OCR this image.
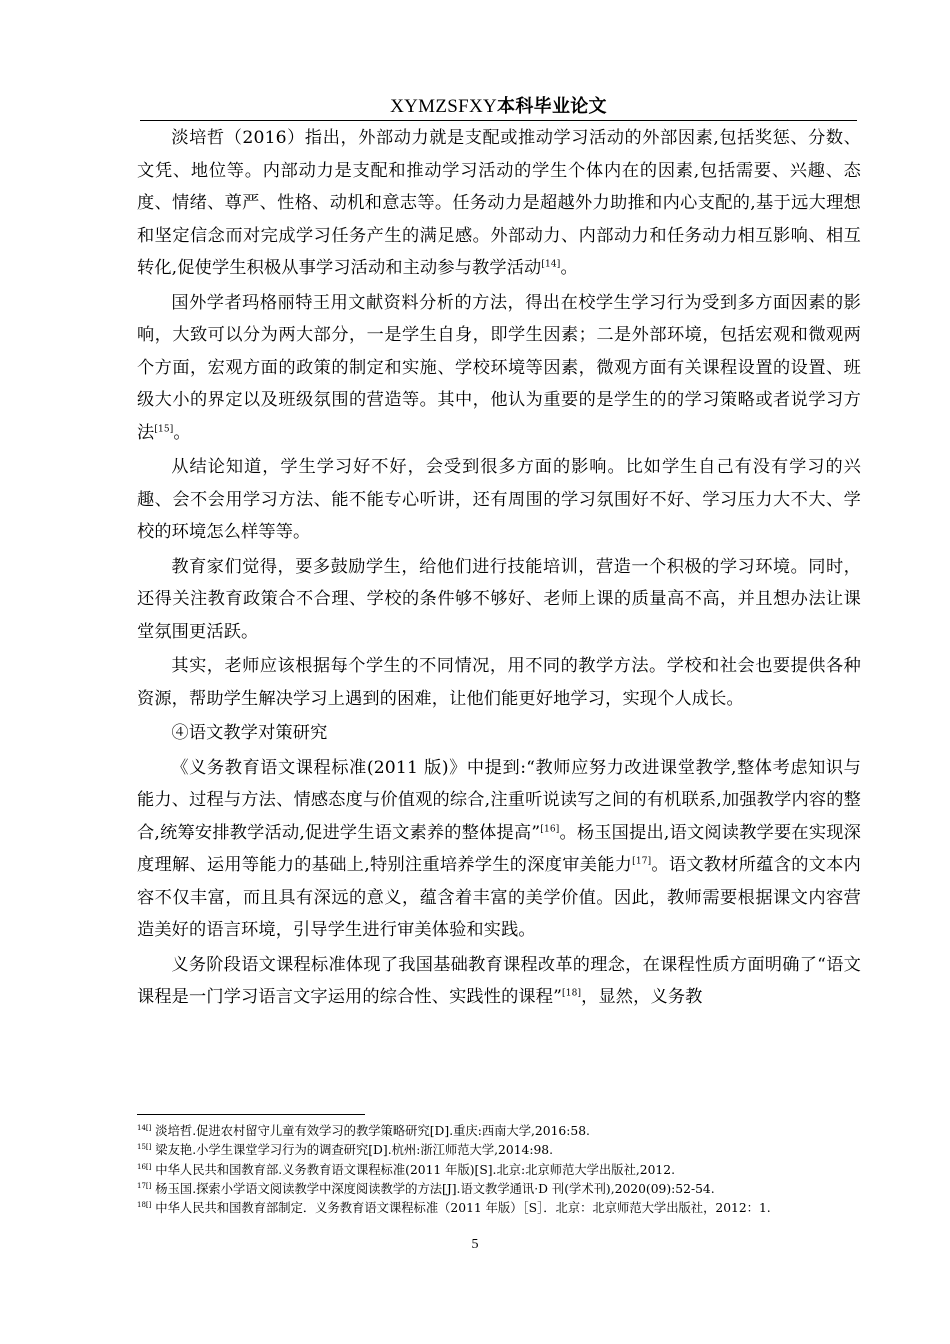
XYMZSFXY本科毕业论文

淡培哲（2016）指出，外部动力就是支配或推动学习活动的外部因素,包括奖惩、分数、文凭、地位等。内部动力是支配和推动学习活动的学生个体内在的因素,包括需要、兴趣、态度、情绪、尊严、性格、动机和意志等。任务动力是超越外力助推和内心支配的,基于远大理想和坚定信念而对完成学习任务产生的满足感。外部动力、内部动力和任务动力相互影响、相互转化,促使学生积极从事学习活动和主动参与教学活动[14]。

国外学者玛格丽特王用文献资料分析的方法，得出在校学生学习行为受到多方面因素的影响，大致可以分为两大部分，一是学生自身，即学生因素；二是外部环境，包括宏观和微观两个方面，宏观方面的政策的制定和实施、学校环境等因素，微观方面有关课程设置的设置、班级大小的界定以及班级氛围的营造等。其中，他认为重要的是学生的的学习策略或者说学习方法[15]。

从结论知道，学生学习好不好，会受到很多方面的影响。比如学生自己有没有学习的兴趣、会不会用学习方法、能不能专心听讲，还有周围的学习氛围好不好、学习压力大不大、学校的环境怎么样等等。

教育家们觉得，要多鼓励学生，给他们进行技能培训，营造一个积极的学习环境。同时，还得关注教育政策合不合理、学校的条件够不够好、老师上课的质量高不高，并且想办法让课堂氛围更活跃。

其实，老师应该根据每个学生的不同情况，用不同的教学方法。学校和社会也要提供各种资源，帮助学生解决学习上遇到的困难，让他们能更好地学习，实现个人成长。

④语文教学对策研究

《义务教育语文课程标准(2011 版)》中提到:“教师应努力改进课堂教学,整体考虑知识与能力、过程与方法、情感态度与价值观的综合,注重听说读写之间的有机联系,加强教学内容的整合,统筹安排教学活动,促进学生语文素养的整体提高”[16]。杨玉国提出,语文阅读教学要在实现深度理解、运用等能力的基础上,特别注重培养学生的深度审美能力[17]。语文教材所蕴含的文本内容不仅丰富，而且具有深远的意义，蕴含着丰富的美学价值。因此，教师需要根据课文内容营造美好的语言环境，引导学生进行审美体验和实践。

义务阶段语文课程标准体现了我国基础教育课程改革的理念，在课程性质方面明确了“语文课程是一门学习语言文字运用的综合性、实践性的课程”[18]，显然，义务教

$^{14[]}$ 淡培哲.促进农村留守儿童有效学习的教学策略研究[D].重庆:西南大学,2016:58.

$^{15[]}$ 梁友艳.小学生课堂学习行为的调查研究[D].杭州:浙江师范大学,2014:98.

$^{16[]}$ 中华人民共和国教育部.义务教育语文课程标准(2011 年版)[S].北京:北京师范大学出版社,2012.

$^{17[]}$ 杨玉国.探索小学语文阅读教学中深度阅读教学的方法[J].语文教学通讯·D 刊(学术刊),2020(09):52-54.

$^{18[]}$ 中华人民共和国教育部制定．义务教育语文课程标准（2011 年版）［S］．北京：北京师范大学出版社，2012：1.

5
